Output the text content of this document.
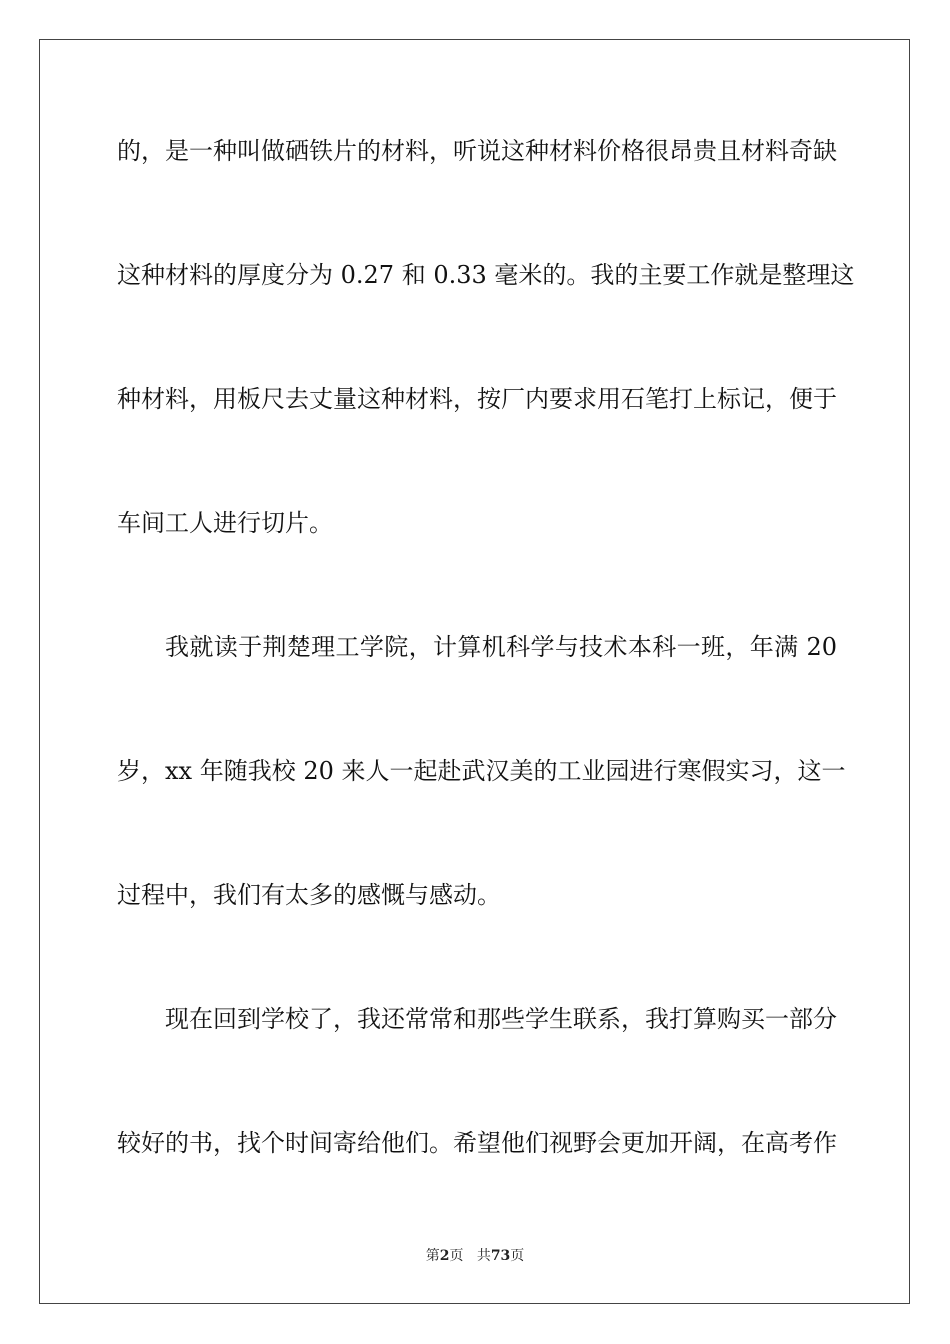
的，是一种叫做硒铁片的材料，听说这种材料价格很昂贵且材料奇缺
这种材料的厚度分为 0.27 和 0.33 毫米的。我的主要工作就是整理这
种材料，用板尺去丈量这种材料，按厂内要求用石笔打上标记，便于
车间工人进行切片。
我就读于荆楚理工学院，计算机科学与技术本科一班，年满 20
岁，xx 年随我校 20 来人一起赴武汉美的工业园进行寒假实习，这一
过程中，我们有太多的感慨与感动。
现在回到学校了，我还常常和那些学生联系，我打算购买一部分
较好的书，找个时间寄给他们。希望他们视野会更加开阔，在高考作
第2页 共73页
